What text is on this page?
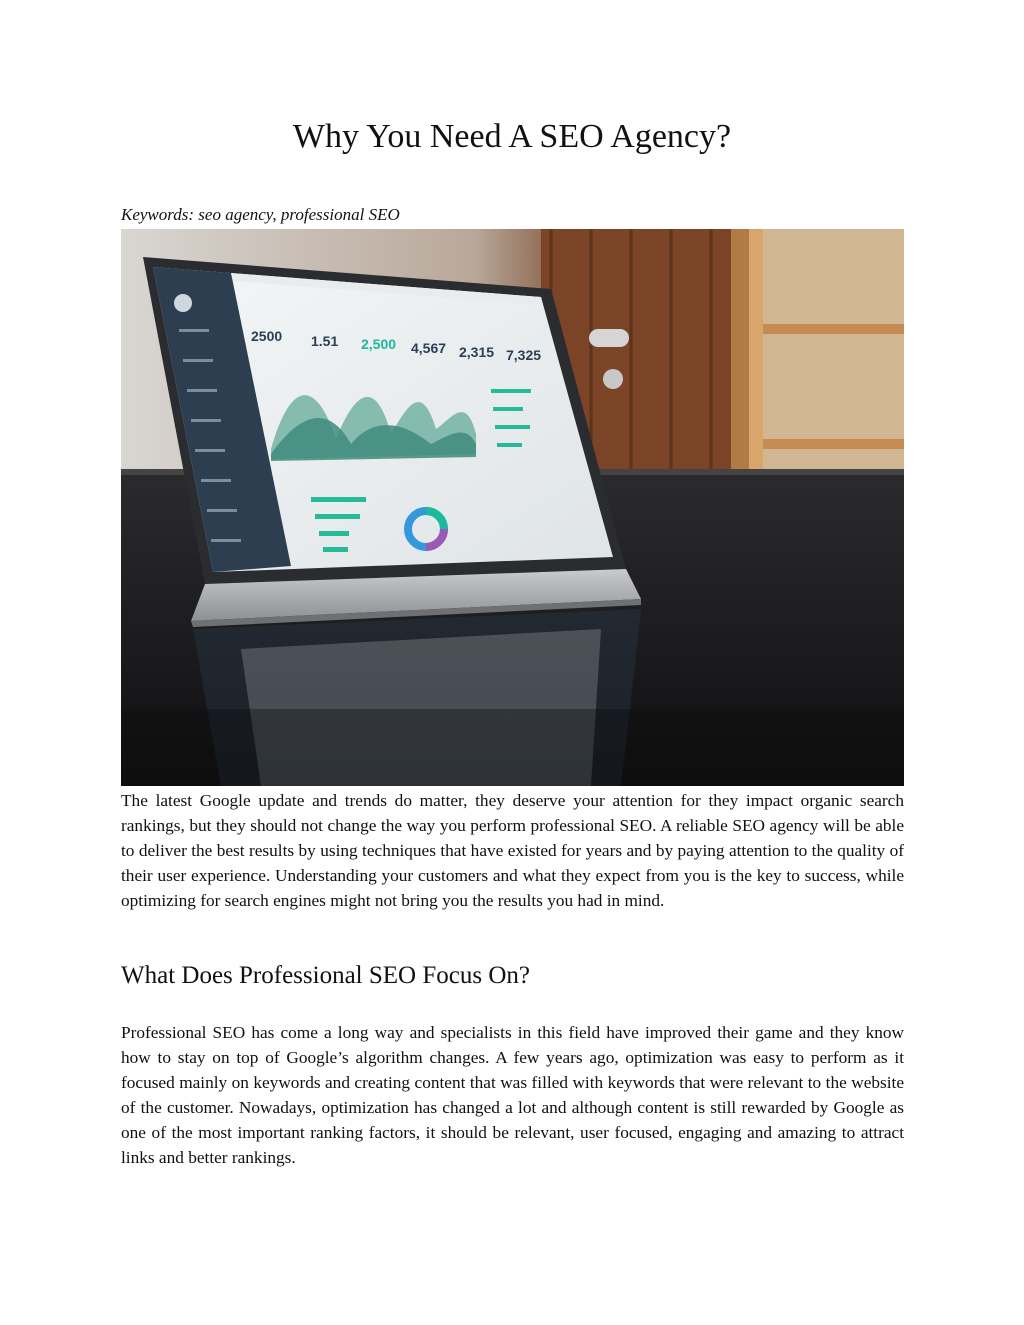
Why You Need A SEO Agency?
Keywords: seo agency, professional SEO
2500 1.51 2,500 4,567 2,315 7,325

The latest Google update and trends do matter, they deserve your attention for they impact organic search rankings, but they should not change the way you perform professional SEO. A reliable SEO agency will be able to deliver the best results by using techniques that have existed for years and by paying attention to the quality of their user experience. Understanding your customers and what they expect from you is the key to success, while optimizing for search engines might not bring you the results you had in mind.

What Does Professional SEO Focus On?

Professional SEO has come a long way and specialists in this field have improved their game and they know how to stay on top of Google’s algorithm changes. A few years ago, optimization was easy to perform as it focused mainly on keywords and creating content that was filled with keywords that were relevant to the website of the customer. Nowadays, optimization has changed a lot and although content is still rewarded by Google as one of the most important ranking factors, it should be relevant, user focused, engaging and amazing to attract links and better rankings.
